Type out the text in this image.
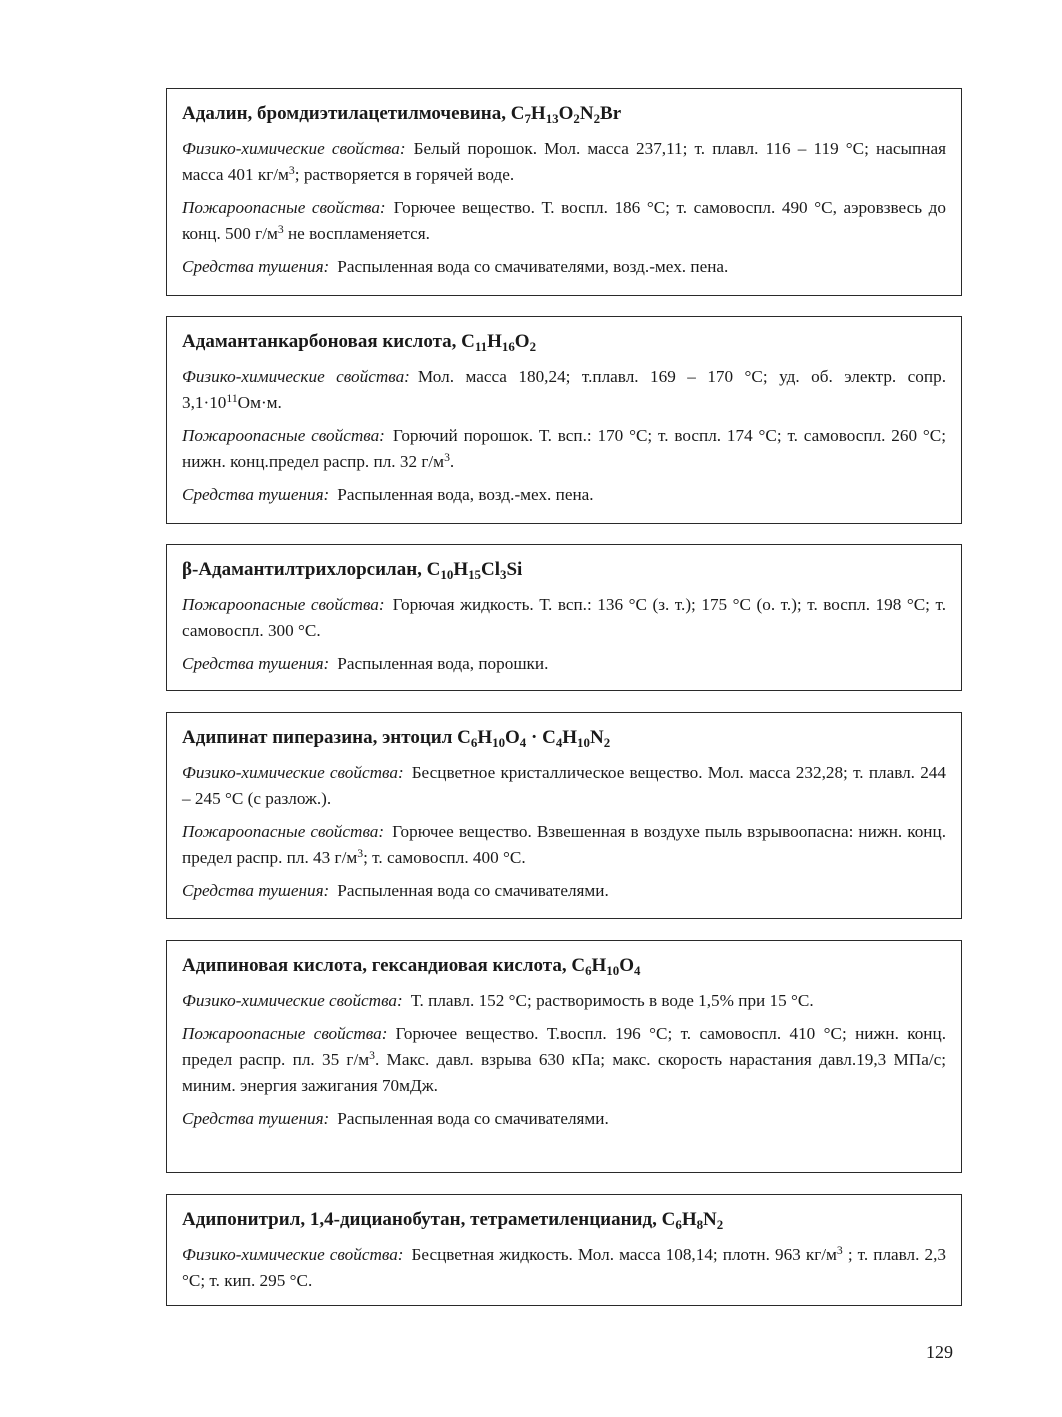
Адалин, бромдиэтилацетилмочевина, $C_7H_{13}O_2N_2Br$

Физико-химические свойства: Белый порошок. Мол. масса 237,11; т. плавл. 116 – 119 °С; насыпная масса 401 $кг/м^3$; растворяется в горячей воде.

Пожароопасные свойства: Горючее вещество. Т. воспл. 186 °С; т. самовоспл. 490 °С, аэровзвесь до конц. 500 $г/м^3$ не воспламеняется.

Средства тушения: Распыленная вода со смачивателями, возд.-мех. пена.

Адамантанкарбоновая кислота, $C_{11}H_{16}O_2$

Физико-химические свойства: Мол. масса 180,24; т.плавл. 169 – 170 °С; уд. об. электр. сопр. $3,1\cdot 10^{11}Ом\cdot м$.

Пожароопасные свойства: Горючий порошок. Т. всп.: 170 °С; т. воспл. 174 °С; т. самовоспл. 260 °С; нижн. конц.предел распр. пл. 32 $г/м^3$.

Средства тушения: Распыленная вода, возд.-мех. пена.

β-Адамантилтрихлорсилан, $C_{10}H_{15}Cl_3Si$

Пожароопасные свойства: Горючая жидкость. Т. всп.: 136 °С (з. т.); 175 °С (о. т.); т. воспл. 198 °С; т. самовоспл. 300 °С.

Средства тушения: Распыленная вода, порошки.

Адипинат пиперазина, энтоцил $C_6H_{10}O_4 \cdot C_4H_{10}N_2$

Физико-химические свойства: Бесцветное кристаллическое вещество. Мол. масса 232,28; т. плавл. 244 – 245 °С (с разлож.).

Пожароопасные свойства: Горючее вещество. Взвешенная в воздухе пыль взрывоопасна: нижн. конц. предел распр. пл. 43 $г/м^3$; т. самовоспл. 400 °С.

Средства тушения: Распыленная вода со смачивателями.

Адипиновая кислота, гександиовая кислота, $C_6H_{10}O_4$

Физико-химические свойства: Т. плавл. 152 °С; растворимость в воде 1,5% при 15 °С.

Пожароопасные свойства: Горючее вещество. Т.воспл. 196 °С; т. самовоспл. 410 °С; нижн. конц. предел распр. пл. 35 $г/м^3$. Макс. давл. взрыва 630 кПа; макс. скорость нарастания давл.19,3 МПа/с; миним. энергия зажигания 70мДж.

Средства тушения: Распыленная вода со смачивателями.

Адипонитрил, 1,4-дицианобутан, тетраметиленцианид, $C_6H_8N_2$

Физико-химические свойства: Бесцветная жидкость. Мол. масса 108,14; плотн. 963 $кг/м^3$ ; т. плавл. 2,3 °С; т. кип. 295 °С.

129
